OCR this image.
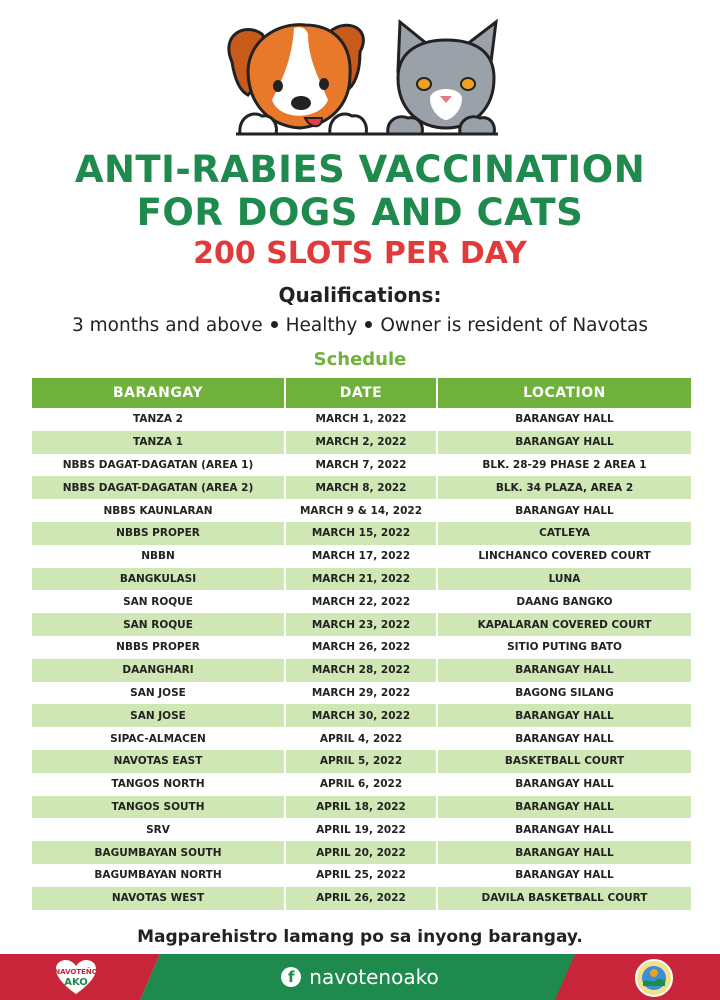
ANTI-RABIES VACCINATION
FOR DOGS AND CATS
200 SLOTS PER DAY
Qualifications:
3 months and above Healthy Owner is resident of Navotas
Schedule
BARANGAY	DATE	LOCATION
TANZA 2	MARCH 1, 2022	BARANGAY HALL
TANZA 1	MARCH 2, 2022	BARANGAY HALL
NBBS DAGAT-DAGATAN (AREA 1)	MARCH 7, 2022	BLK. 28-29 PHASE 2 AREA 1
NBBS DAGAT-DAGATAN (AREA 2)	MARCH 8, 2022	BLK. 34 PLAZA, AREA 2
NBBS KAUNLARAN	MARCH 9 & 14, 2022	BARANGAY HALL
NBBS PROPER	MARCH 15, 2022	CATLEYA
NBBN	MARCH 17, 2022	LINCHANCO COVERED COURT
BANGKULASI	MARCH 21, 2022	LUNA
SAN ROQUE	MARCH 22, 2022	DAANG BANGKO
SAN ROQUE	MARCH 23, 2022	KAPALARAN COVERED COURT
NBBS PROPER	MARCH 26, 2022	SITIO PUTING BATO
DAANGHARI	MARCH 28, 2022	BARANGAY HALL
SAN JOSE	MARCH 29, 2022	BAGONG SILANG
SAN JOSE	MARCH 30, 2022	BARANGAY HALL
SIPAC-ALMACEN	APRIL 4, 2022	BARANGAY HALL
NAVOTAS EAST	APRIL 5, 2022	BASKETBALL COURT
TANGOS NORTH	APRIL 6, 2022	BARANGAY HALL
TANGOS SOUTH	APRIL 18, 2022	BARANGAY HALL
SRV	APRIL 19, 2022	BARANGAY HALL
BAGUMBAYAN SOUTH	APRIL 20, 2022	BARANGAY HALL
BAGUMBAYAN NORTH	APRIL 25, 2022	BARANGAY HALL
NAVOTAS WEST	APRIL 26, 2022	DAVILA BASKETBALL COURT
Magparehistro lamang po sa inyong barangay.
NAVOTEÑO
AKO	f navotenoako
